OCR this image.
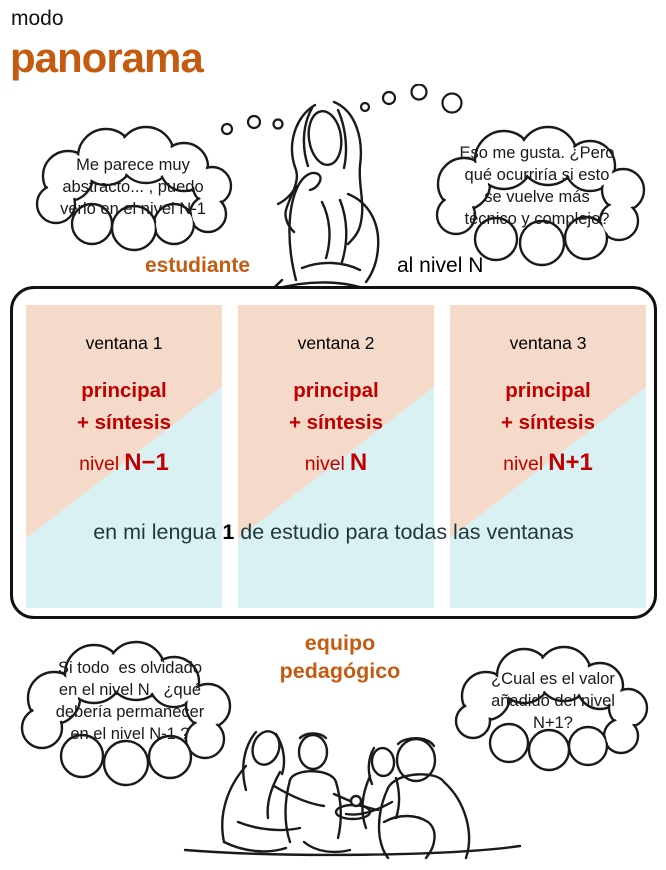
modo
panorama
Me parece muy
abstracto... , puedo
verlo en el nivel N-1
Eso me gusta. ¿Pero
qué ocurriría si esto
se vuelve más
técnico y complejo?
estudiante	al nivel N
ventana 1
principal
+ síntesis
nivel N−1
ventana 2
principal
+ síntesis
nivel N
ventana 3
principal
+ síntesis
nivel N+1
en mi lengua 1 de estudio para todas las ventanas
equipo
pedagógico
Si todo  es olvidado
en el nivel N,  ¿qué
debería permanecer
en el nivel N-1 ?
¿Cual es el valor
añadido del nivel
N+1?
